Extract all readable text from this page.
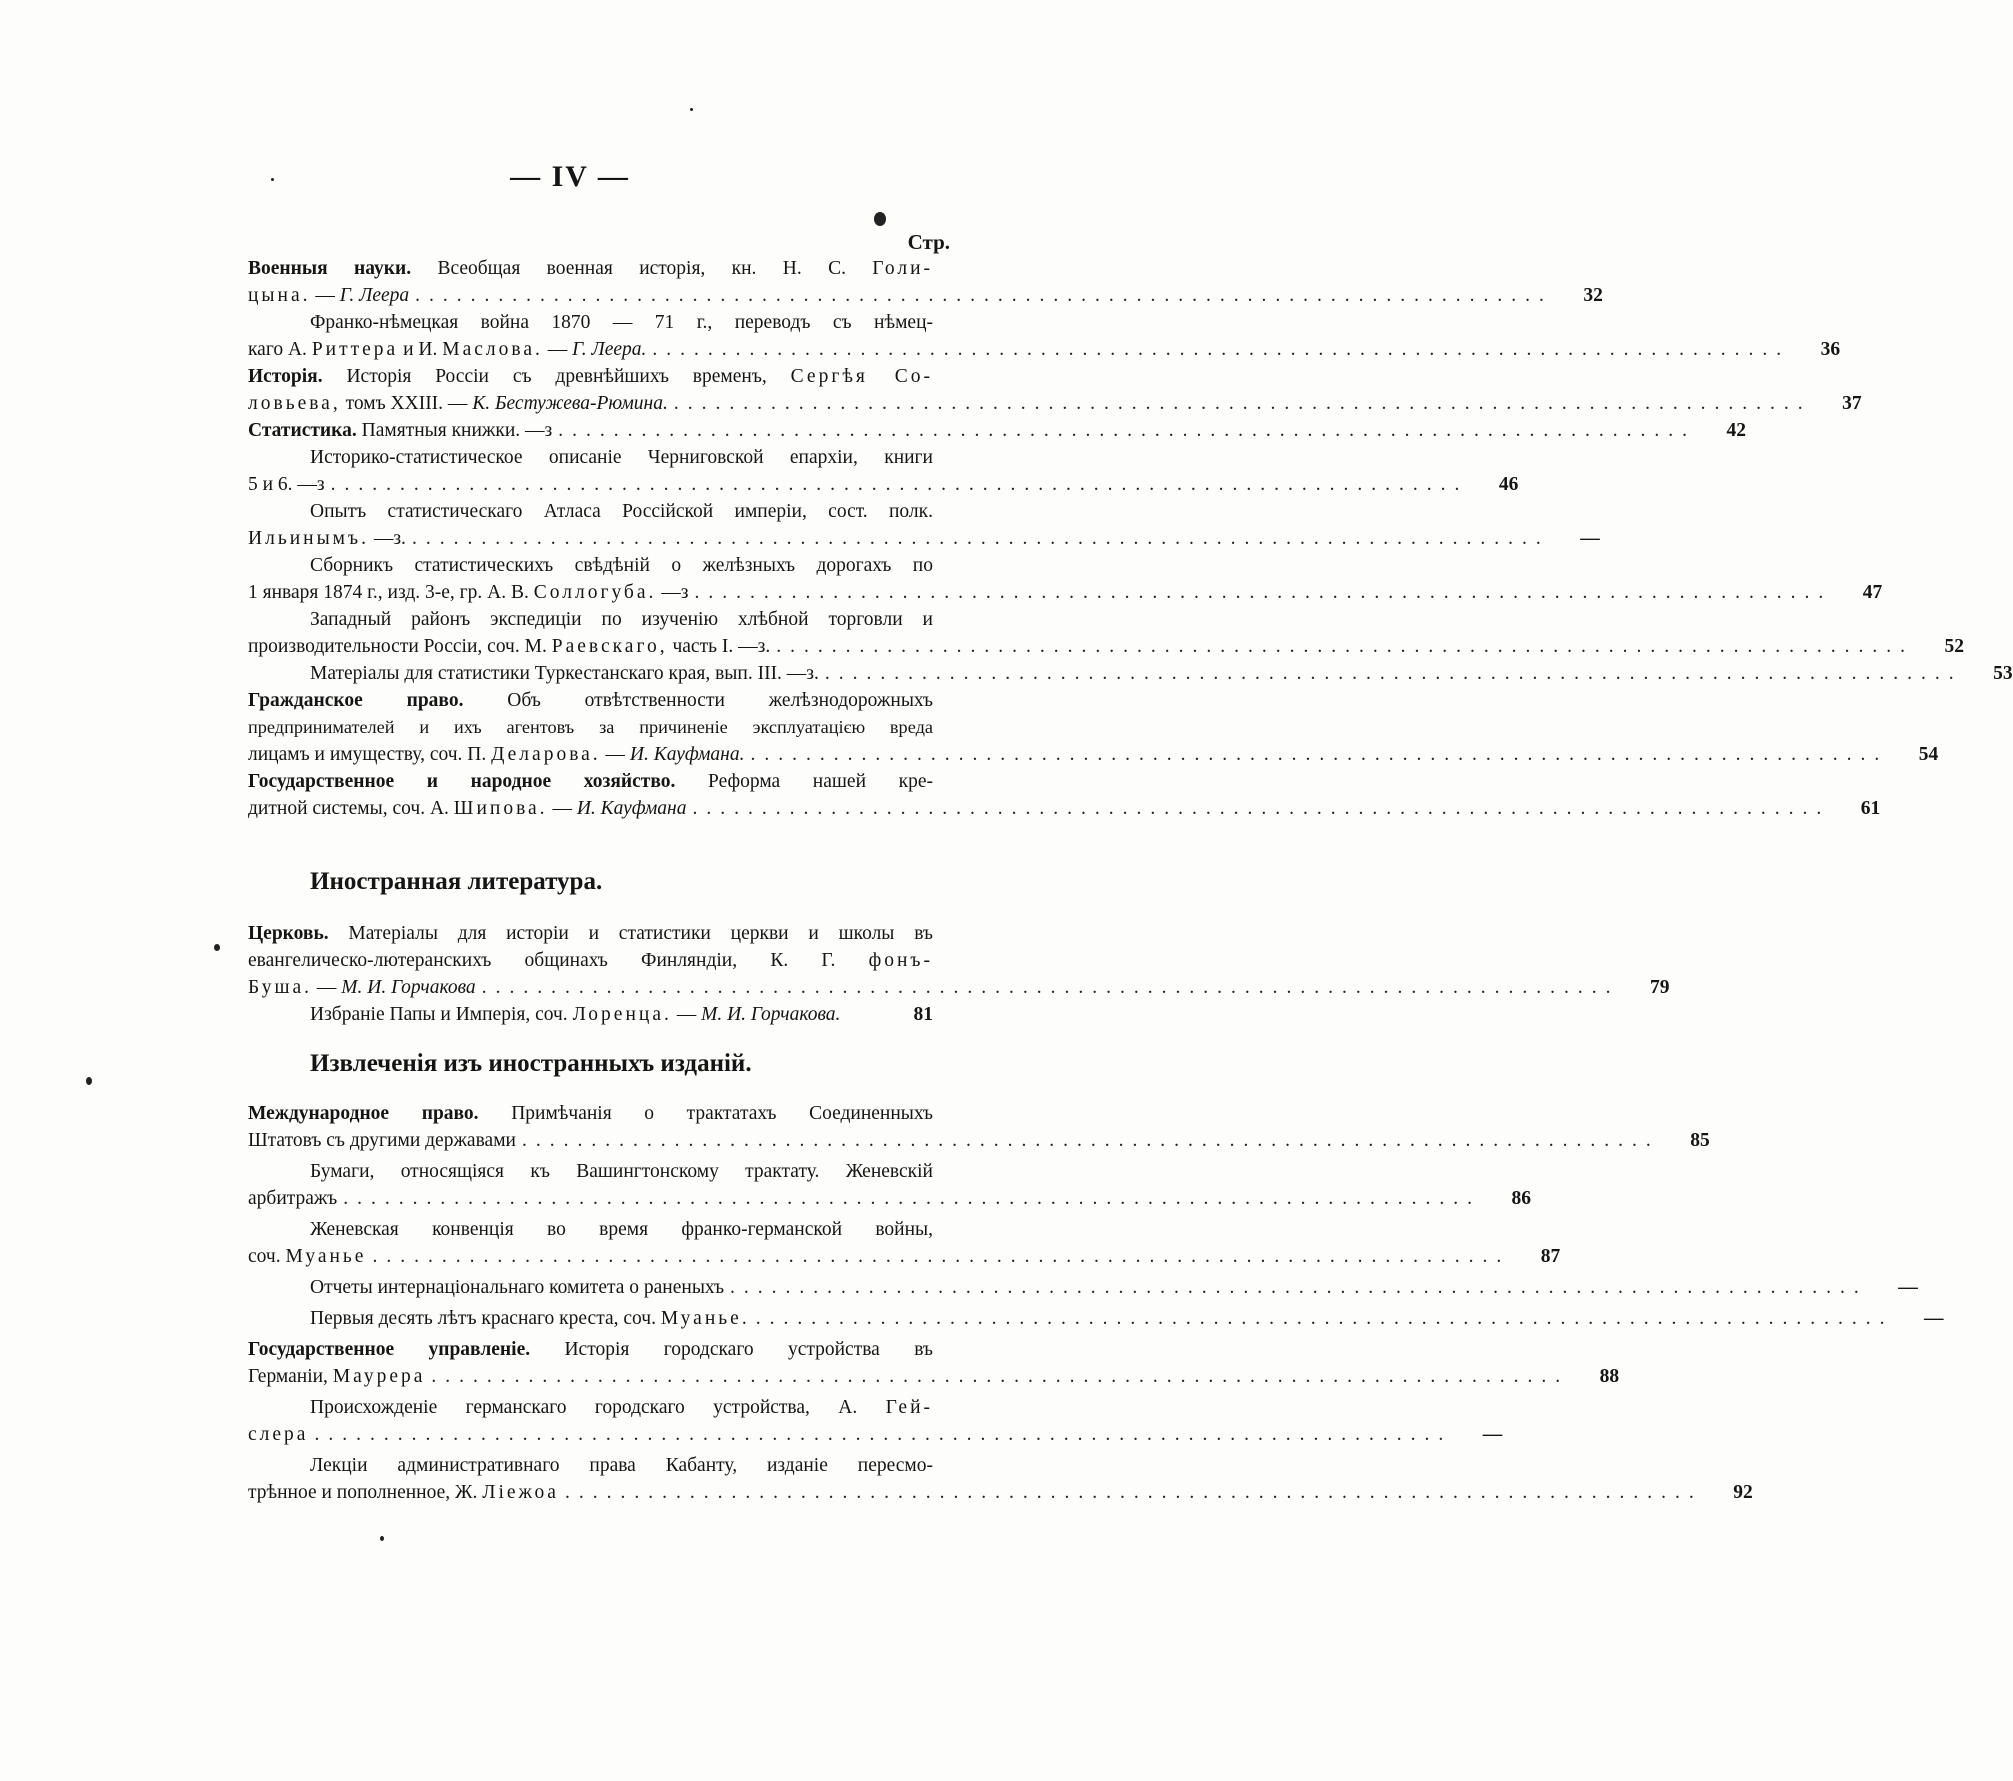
— IV —
Стр.
Военныя науки. Всеобщая военная исторія, кн. Н. С. Голи-
цына. — Г. Леера ..................................................................................	32
Франко-нѣмецкая война 1870 — 71 г., переводъ съ нѣмец-
каго А. Риттера и И. Маслова. — Г. Леера. ..................................................................................	36
Исторія. Исторія Россіи съ древнѣйшихъ временъ, Сергѣя Со-
ловьева, томъ XXIII. — К. Бестужева-Рюмина. ..................................................................................	37
Статистика. Памятныя книжки. —з ..................................................................................	42
Историко-статистическое описаніе Черниговской епархіи, книги
5 и 6. —з ..................................................................................	46
Опытъ статистическаго Атласа Россійской имперіи, сост. полк.
Ильинымъ. —з. ..................................................................................	—
Сборникъ статистическихъ свѣдѣній о желѣзныхъ дорогахъ по
1 января 1874 г., изд. 3-е, гр. А. В. Соллогуба. —з ..................................................................................	47
Западный районъ экспедиціи по изученію хлѣбной торговли и
производительности Россіи, соч. М. Раевскаго, часть I. —з. ..................................................................................	52
Матеріалы для статистики Туркестанскаго края, вып. III. —з. ..................................................................................	53
Гражданское право. Объ отвѣтственности желѣзнодорожныхъ
предпринимателей и ихъ агентовъ за причиненіе эксплуатацією вреда
лицамъ и имуществу, соч. П. Деларова. — И. Кауфмана. ..................................................................................	54
Государственное и народное хозяйство. Реформа нашей кре-
дитной системы, соч. А. Шипова. — И. Кауфмана ..................................................................................	61
Иностранная литература.
Церковь. Матеріалы для исторіи и статистики церкви и школы въ
евангелическо-лютеранскихъ общинахъ Финляндіи, К. Г. фонъ-
Буша. — М. И. Горчакова ..................................................................................	79
Избраніе Папы и Имперія, соч. Лоренца. — М. И. Горчакова.	81
Извлеченія изъ иностранныхъ изданій.
Международное право. Примѣчанія о трактатахъ Соединенныхъ
Штатовъ съ другими державами ..................................................................................	85
Бумаги, относящіяся къ Вашингтонскому трактату. Женевскій
арбитражъ ..................................................................................	86
Женевская конвенція во время франко-германской войны,
соч. Муанье ..................................................................................	87
Отчеты интернаціональнаго комитета о раненыхъ ..................................................................................	—
Первыя десять лѣтъ краснаго креста, соч. Муанье. ..................................................................................	—
Государственное управленіе. Исторія городскаго устройства въ
Германіи, Маурера ..................................................................................	88
Происхожденіе германскаго городскаго устройства, А. Гей-
слера ..................................................................................	—
Лекціи административнаго права Кабанту, изданіе пересмо-
трѣнное и пополненное, Ж. Ліежоа ..................................................................................	92
